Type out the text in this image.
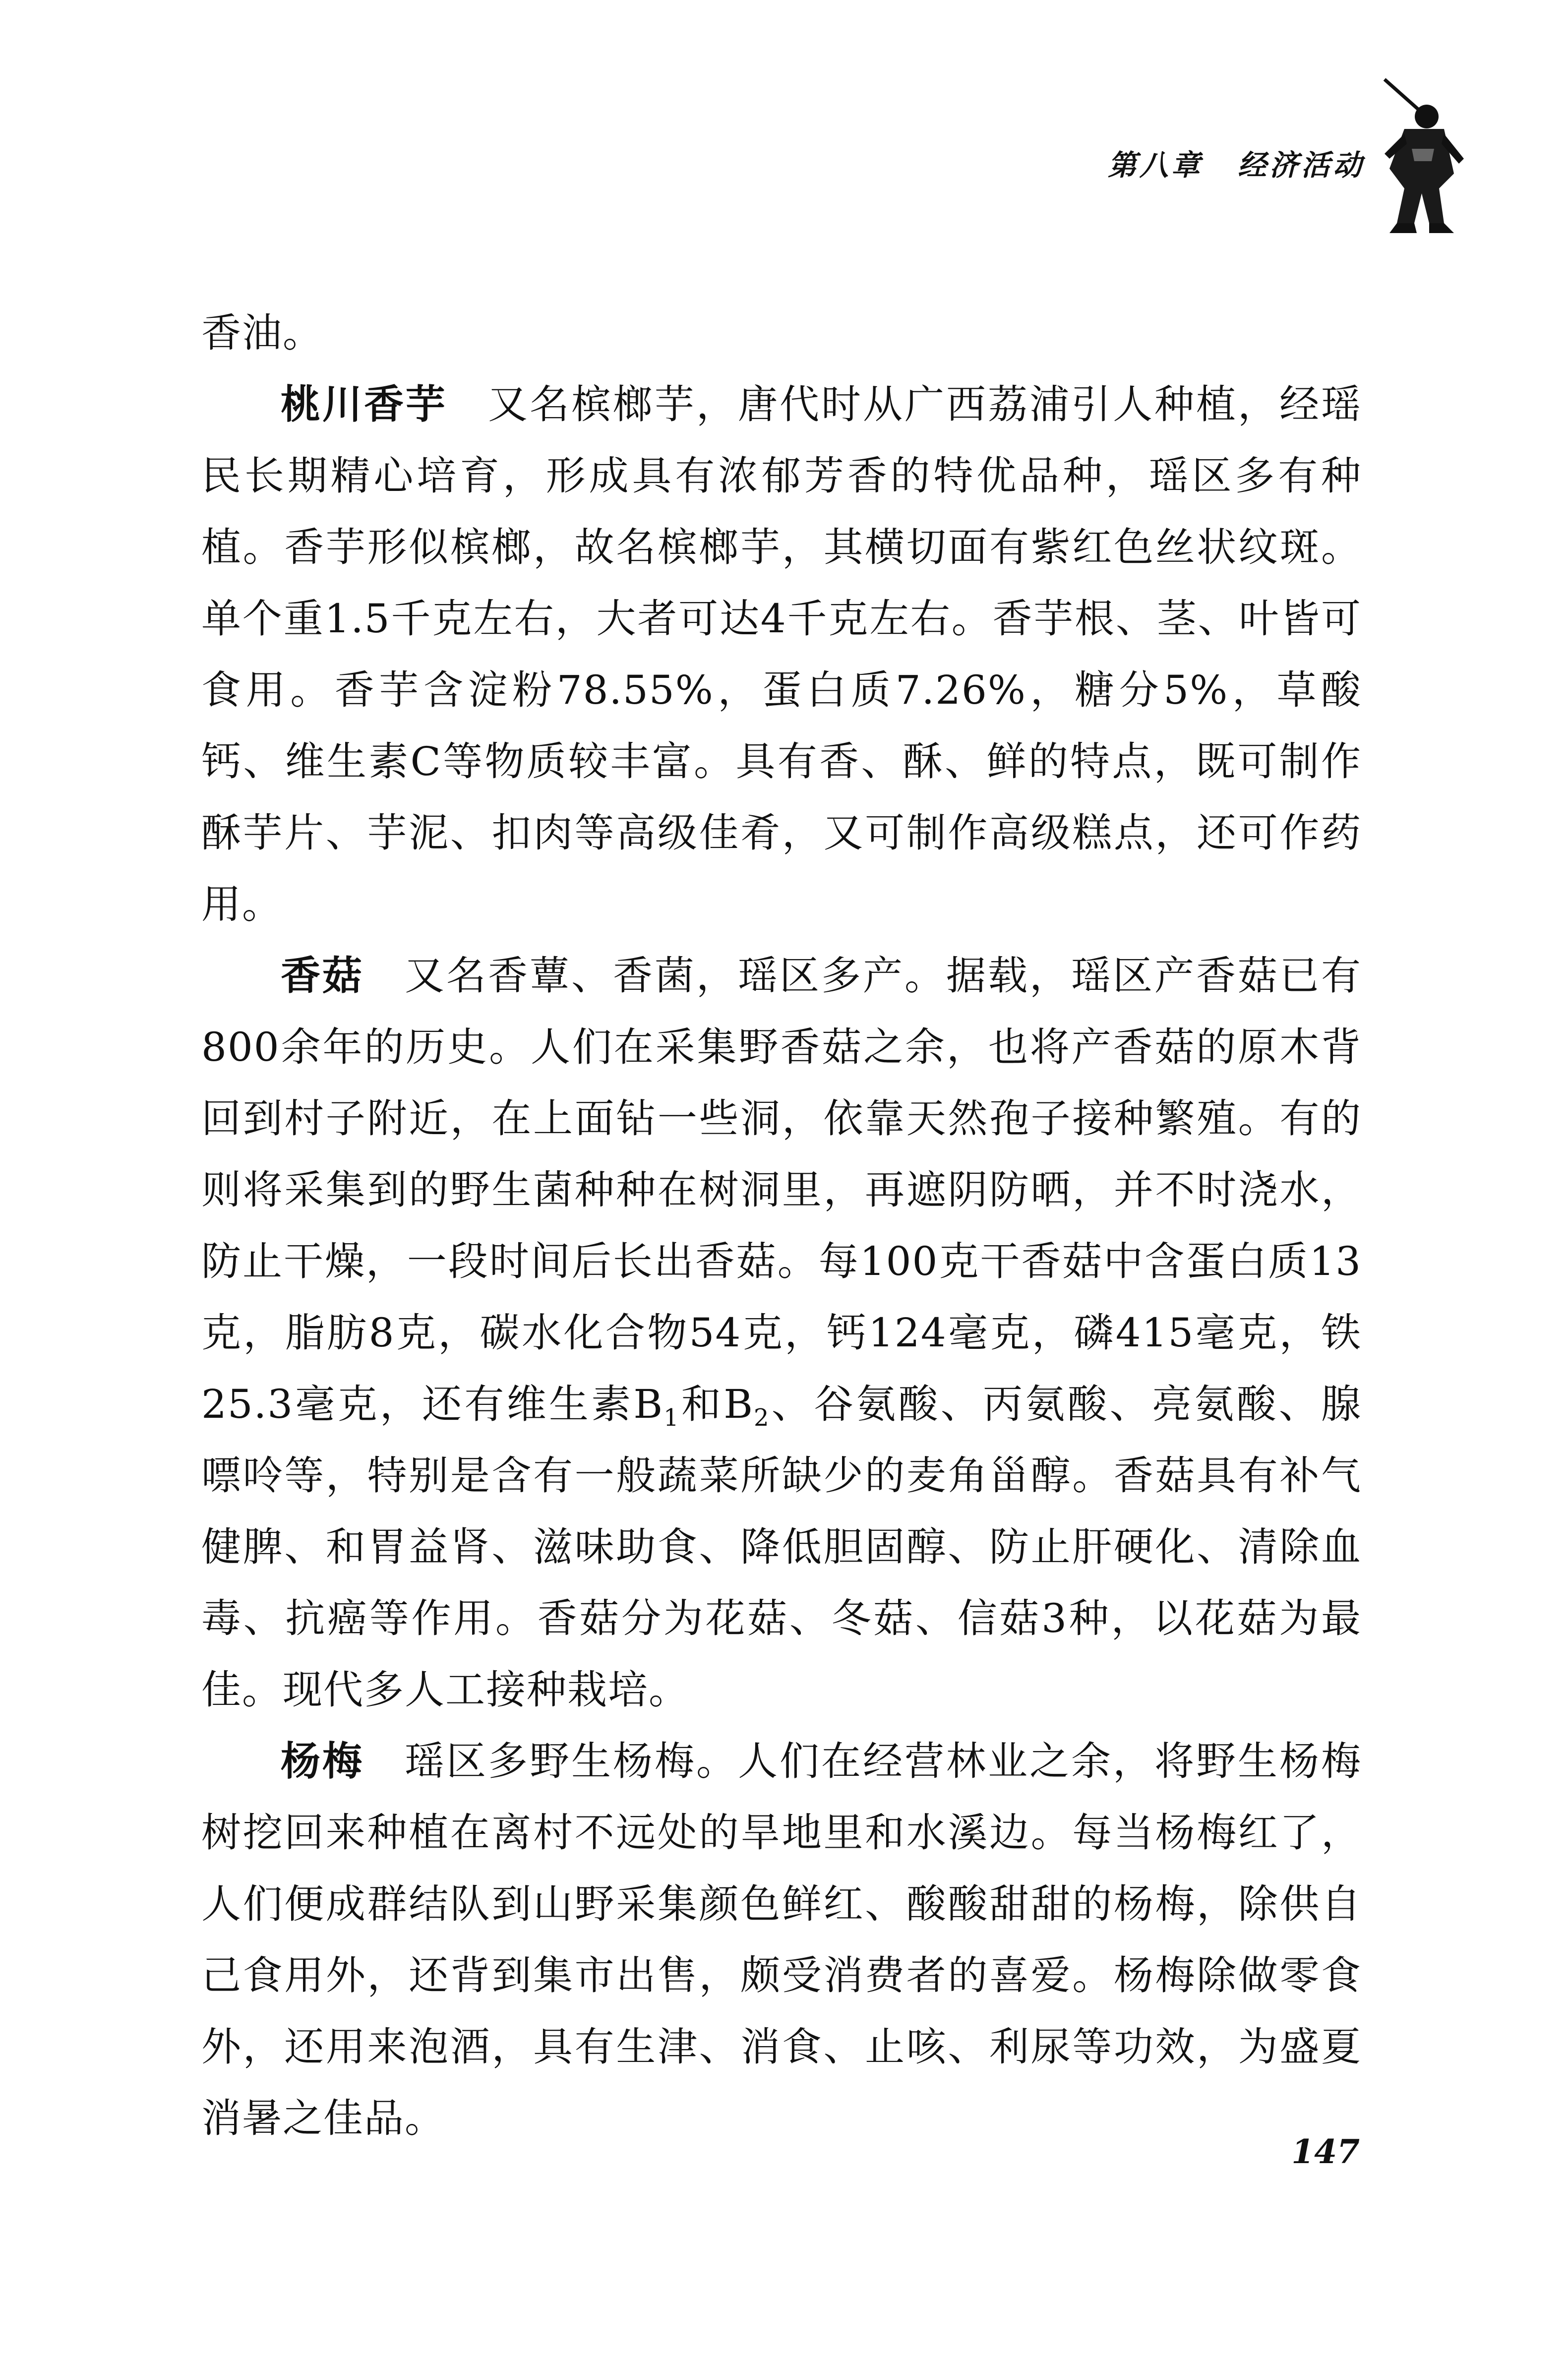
第八章 经济活动

香油。

桃川香芋 又名槟榔芋，唐代时从广西荔浦引人种植，经瑶民长期精心培育，形成具有浓郁芳香的特优品种，瑶区多有种植。香芋形似槟榔，故名槟榔芋，其横切面有紫红色丝状纹斑。单个重1.5千克左右，大者可达4千克左右。香芋根、茎、叶皆可食用。香芋含淀粉78.55%，蛋白质7.26%，糖分5%，草酸钙、维生素C等物质较丰富。具有香、酥、鲜的特点，既可制作酥芋片、芋泥、扣肉等高级佳肴，又可制作高级糕点，还可作药用。

香菇 又名香蕈、香菌，瑶区多产。据载，瑶区产香菇已有800余年的历史。人们在采集野香菇之余，也将产香菇的原木背回到村子附近，在上面钻一些洞，依靠天然孢子接种繁殖。有的则将采集到的野生菌种种在树洞里，再遮阴防晒，并不时浇水，防止干燥，一段时间后长出香菇。每100克干香菇中含蛋白质13克，脂肪8克，碳水化合物54克，钙124毫克，磷415毫克，铁25.3毫克，还有维生素$B_1$和$B_2$、谷氨酸、丙氨酸、亮氨酸、腺嘌呤等，特别是含有一般蔬菜所缺少的麦角甾醇。香菇具有补气健脾、和胃益肾、滋味助食、降低胆固醇、防止肝硬化、清除血毒、抗癌等作用。香菇分为花菇、冬菇、信菇3种，以花菇为最佳。现代多人工接种栽培。

杨梅 瑶区多野生杨梅。人们在经营林业之余，将野生杨梅树挖回来种植在离村不远处的旱地里和水溪边。每当杨梅红了，人们便成群结队到山野采集颜色鲜红、酸酸甜甜的杨梅，除供自己食用外，还背到集市出售，颇受消费者的喜爱。杨梅除做零食外，还用来泡酒，具有生津、消食、止咳、利尿等功效，为盛夏消暑之佳品。

147
